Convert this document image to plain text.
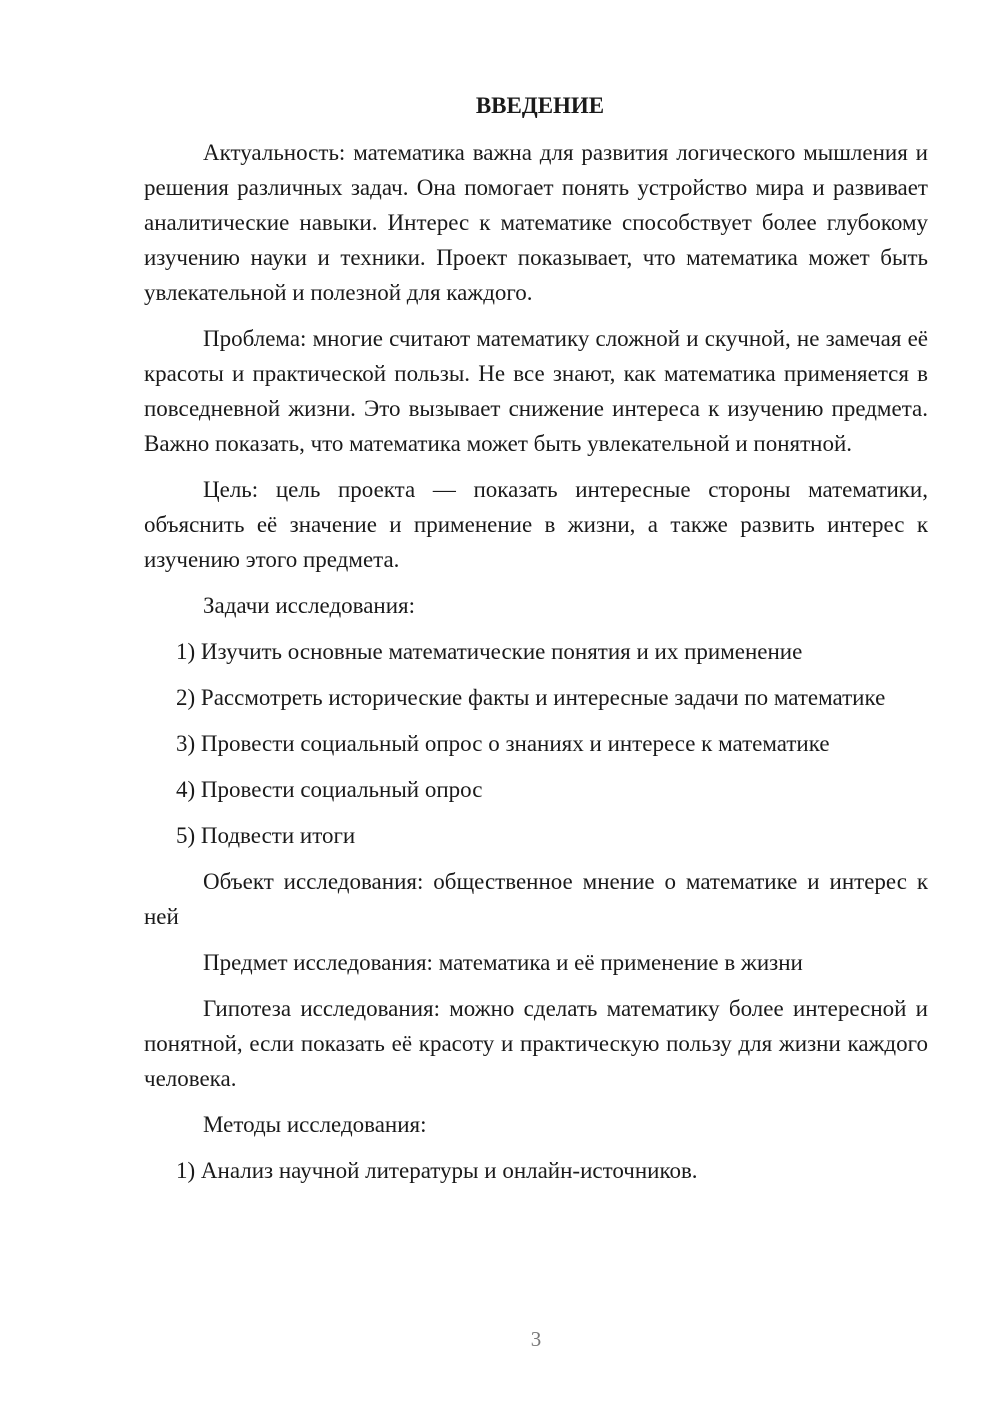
ВВЕДЕНИЕ

Актуальность: математика важна для развития логического мышления и решения различных задач. Она помогает понять устройство мира и развивает аналитические навыки. Интерес к математике способствует более глубокому изучению науки и техники. Проект показывает, что математика может быть увлекательной и полезной для каждого.

Проблема: многие считают математику сложной и скучной, не замечая её красоты и практической пользы. Не все знают, как математика применяется в повседневной жизни. Это вызывает снижение интереса к изучению предмета. Важно показать, что математика может быть увлекательной и понятной.

Цель: цель проекта — показать интересные стороны математики, объяснить её значение и применение в жизни, а также развить интерес к изучению этого предмета.

Задачи исследования:

1) Изучить основные математические понятия и их применение

2) Рассмотреть исторические факты и интересные задачи по математике

3) Провести социальный опрос о знаниях и интересе к математике

4) Провести социальный опрос

5) Подвести итоги

Объект исследования: общественное мнение о математике и интерес к ней

Предмет исследования: математика и её применение в жизни

Гипотеза исследования: можно сделать математику более интересной и понятной, если показать её красоту и практическую пользу для жизни каждого человека.

Методы исследования:

1) Анализ научной литературы и онлайн-источников.

3
